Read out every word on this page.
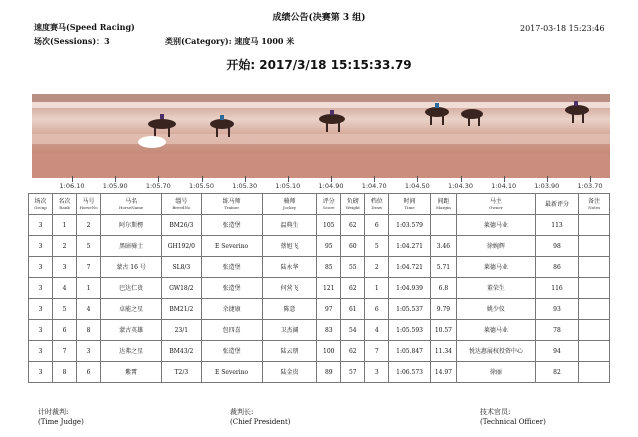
成绩公告(决赛第 3 组)
速度赛马(Speed Racing)
场次(Sessions)：3	类别(Category): 速度马 1000 米
2017-03-18 15:23:46
开始: 2017/3/18 15:15:33.79
1:06.10	1:05.90	1:05.70	1:05.50	1:05.30	1:05.10	1:04.90	1:04.70	1:04.50	1:04.30	1:04.10	1:03.90	1:03.70
场次
Group	名次
Rank	马号
HorseNo	马名
HorseName	缰号
BreedNo	练马师
Trainer	骑师
Jockey	评分
Score	负磅
Weight	档位
Draw	时间
Time	间距
Margin	马主
Owner	最新评分	备注
Notes

3	1	2	阿尔斯楞	BM26/3	张造堡	温典生	105	62	6	1:03.579		莱德马业	113	
3	2	5	黑暗骑士	GH192/0	E Severino	蔡旭飞	95	60	5	1:04.271	3.46	徐婉辉	98	
3	3	7	蒙古 16 号	SL8/3	张造堡	陆永华	85	55	2	1:04.721	5.71	莱德马业	86	
3	4	1	巴达仁贵	GW18/2	张造堡	何营飞	121	62	1	1:04.939	6.8	董荣生	116	
3	5	4	卓能之星	BM21/2	余捷康	陈意	97	61	6	1:05.537	9.79	姚少仪	93	
3	6	8	蒙古英雄	23/1	包四喜	卫杰阔	83	54	4	1:05.593	10.57	莱德马业	78	
3	7	3	达弗之星	BM43/2	张造堡	陆云朋	100	62	7	1:05.847	11.34	悦达惠展权投资中心	94	
3	8	6	紫霄	T2/3	E Severino	陆金贵	89	57	3	1:06.573	14.97	徐丽	82	
计时裁判:
(Time Judge)
裁判长:
(Chief President)
技术官员:
(Technical Officer)
